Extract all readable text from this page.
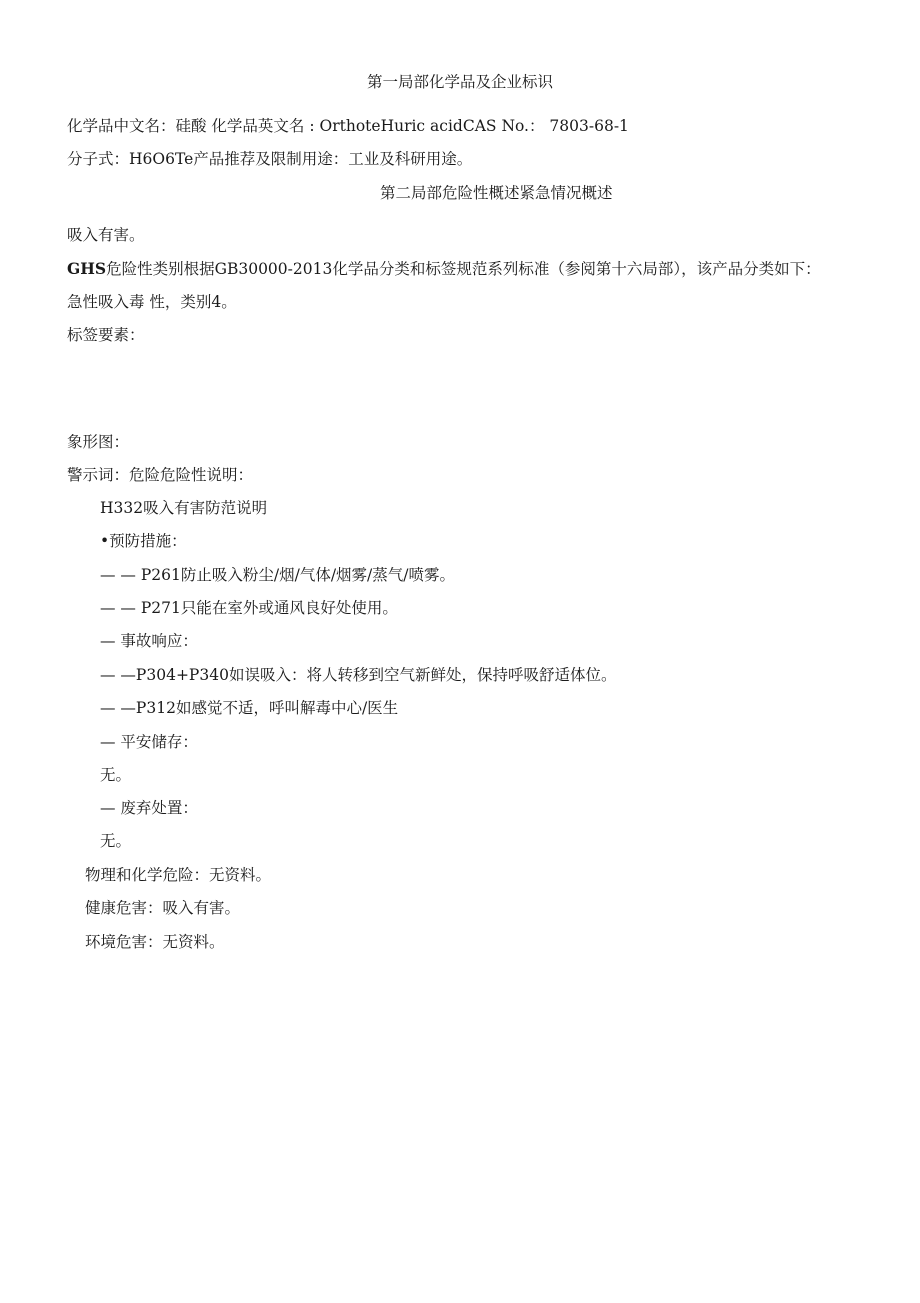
第一局部化学品及企业标识
化学品中文名：硅酸 化学品英文名 : OrthoteHuric acidCAS No.： 7803-68-1
分子式：H6O6Te产品推荐及限制用途：工业及科研用途。
第二局部危险性概述紧急情况概述
吸入有害。
GHS危险性类别根据GB30000-2013化学品分类和标签规范系列标准（参阅第十六局部），该产品分类如下：
急性吸入毒 性，类别4。
标签要素：
象形图：
警示词：危险危险性说明：
H332吸入有害防范说明
•预防措施：
— — P261防止吸入粉尘/烟/气体/烟雾/蒸气/喷雾。
— — P271只能在室外或通风良好处使用。
— 事故响应：
— —P304+P340如误吸入：将人转移到空气新鲜处，保持呼吸舒适体位。
— —P312如感觉不适，呼叫解毒中心/医生
— 平安储存：
无。
— 废弃处置：
无。
物理和化学危险：无资料。
健康危害：吸入有害。
环境危害：无资料。
